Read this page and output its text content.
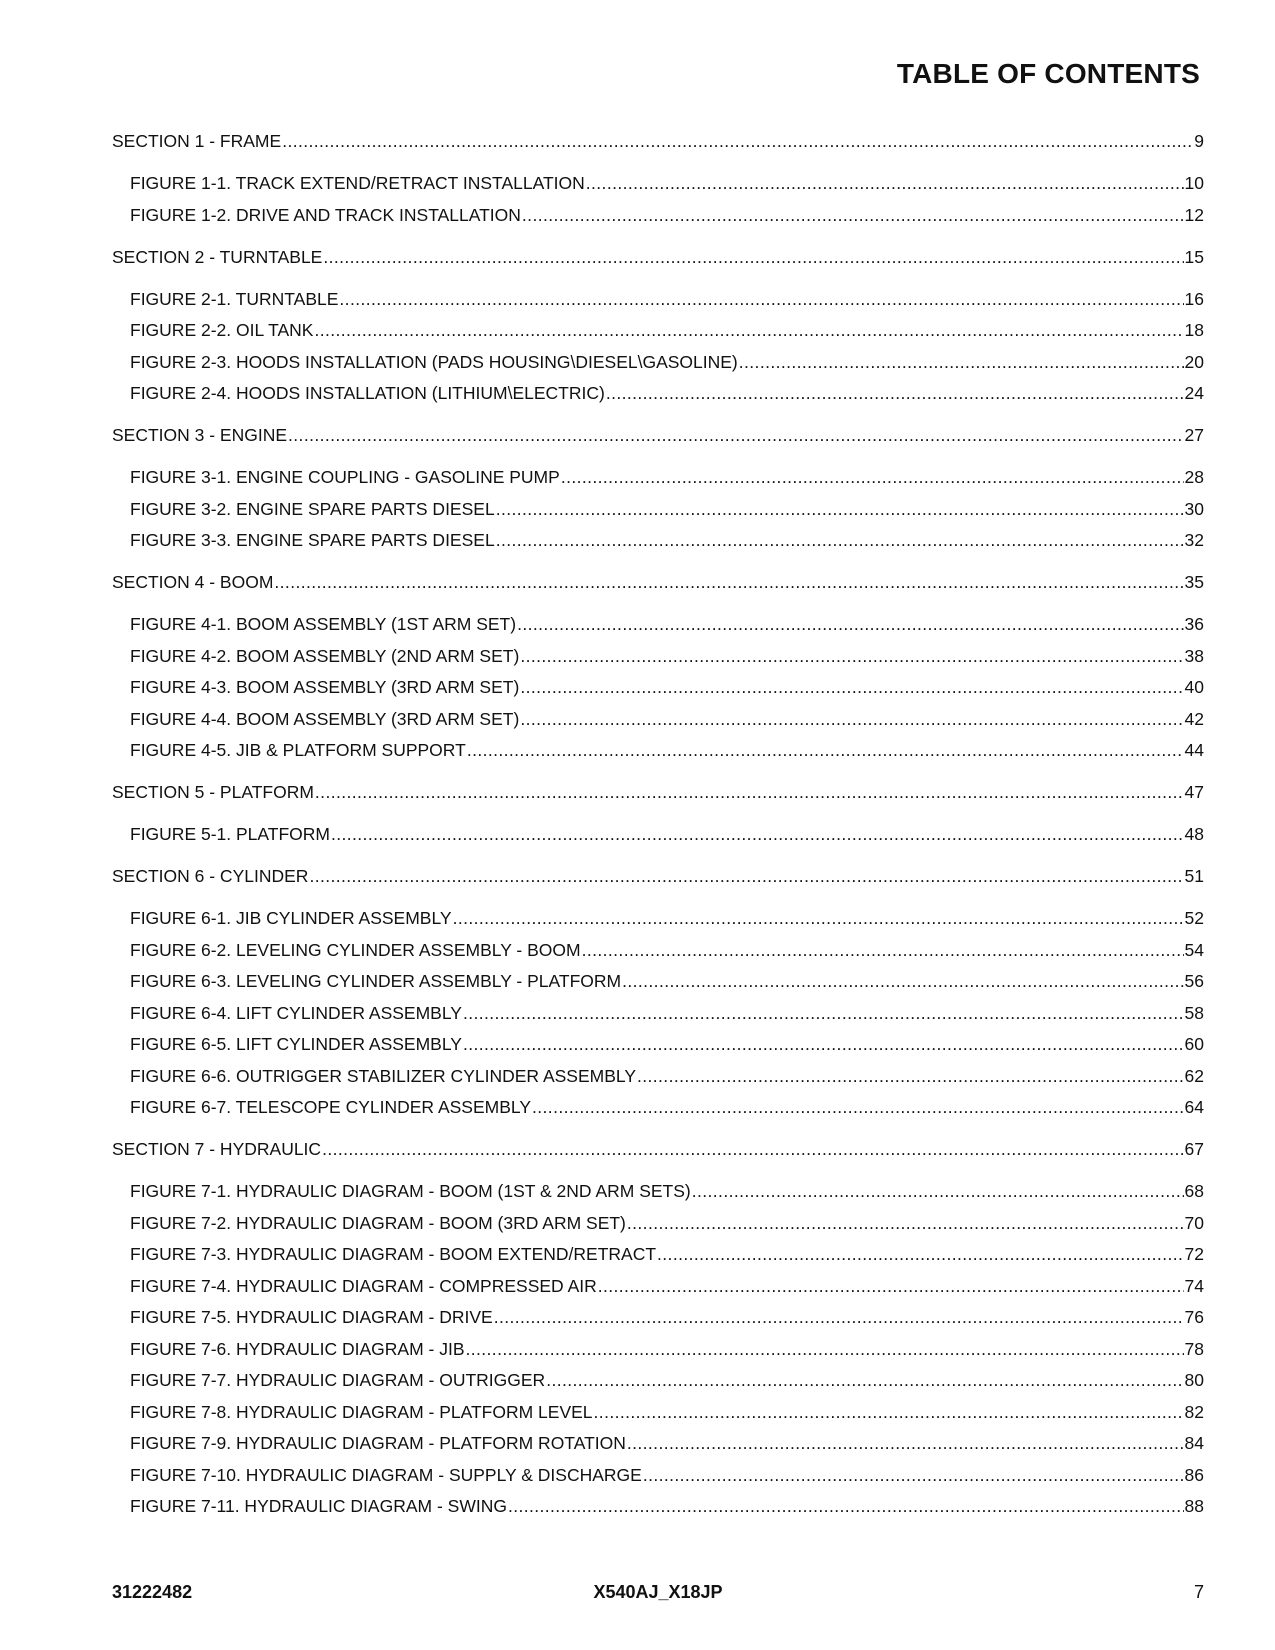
TABLE OF CONTENTS
SECTION 1 - FRAME .....	9
FIGURE 1-1. TRACK EXTEND/RETRACT INSTALLATION .....	10
FIGURE 1-2. DRIVE AND TRACK INSTALLATION .....	12
SECTION 2 - TURNTABLE .....	15
FIGURE 2-1. TURNTABLE .....	16
FIGURE 2-2. OIL TANK .....	18
FIGURE 2-3. HOODS INSTALLATION (PADS HOUSING\DIESEL\GASOLINE) .....	20
FIGURE 2-4. HOODS INSTALLATION (LITHIUM\ELECTRIC) .....	24
SECTION 3 - ENGINE .....	27
FIGURE 3-1. ENGINE COUPLING - GASOLINE PUMP .....	28
FIGURE 3-2. ENGINE SPARE PARTS DIESEL .....	30
FIGURE 3-3. ENGINE SPARE PARTS DIESEL .....	32
SECTION 4 - BOOM .....	35
FIGURE 4-1. BOOM ASSEMBLY (1ST ARM SET) .....	36
FIGURE 4-2. BOOM ASSEMBLY (2ND ARM SET) .....	38
FIGURE 4-3. BOOM ASSEMBLY (3RD ARM SET) .....	40
FIGURE 4-4. BOOM ASSEMBLY (3RD ARM SET) .....	42
FIGURE 4-5. JIB & PLATFORM SUPPORT .....	44
SECTION 5 - PLATFORM .....	47
FIGURE 5-1. PLATFORM .....	48
SECTION 6 - CYLINDER .....	51
FIGURE 6-1. JIB CYLINDER ASSEMBLY .....	52
FIGURE 6-2. LEVELING CYLINDER ASSEMBLY - BOOM .....	54
FIGURE 6-3. LEVELING CYLINDER ASSEMBLY - PLATFORM .....	56
FIGURE 6-4. LIFT CYLINDER ASSEMBLY .....	58
FIGURE 6-5. LIFT CYLINDER ASSEMBLY .....	60
FIGURE 6-6. OUTRIGGER STABILIZER CYLINDER ASSEMBLY .....	62
FIGURE 6-7. TELESCOPE CYLINDER ASSEMBLY .....	64
SECTION 7 - HYDRAULIC .....	67
FIGURE 7-1. HYDRAULIC DIAGRAM - BOOM (1ST & 2ND ARM SETS) .....	68
FIGURE 7-2. HYDRAULIC DIAGRAM - BOOM (3RD ARM SET) .....	70
FIGURE 7-3. HYDRAULIC DIAGRAM - BOOM EXTEND/RETRACT .....	72
FIGURE 7-4. HYDRAULIC DIAGRAM - COMPRESSED AIR .....	74
FIGURE 7-5. HYDRAULIC DIAGRAM - DRIVE .....	76
FIGURE 7-6. HYDRAULIC DIAGRAM - JIB .....	78
FIGURE 7-7. HYDRAULIC DIAGRAM - OUTRIGGER .....	80
FIGURE 7-8. HYDRAULIC DIAGRAM - PLATFORM LEVEL .....	82
FIGURE 7-9. HYDRAULIC DIAGRAM - PLATFORM ROTATION .....	84
FIGURE 7-10. HYDRAULIC DIAGRAM - SUPPLY & DISCHARGE .....	86
FIGURE 7-11. HYDRAULIC DIAGRAM - SWING .....	88
31222482	X540AJ_X18JP	7
